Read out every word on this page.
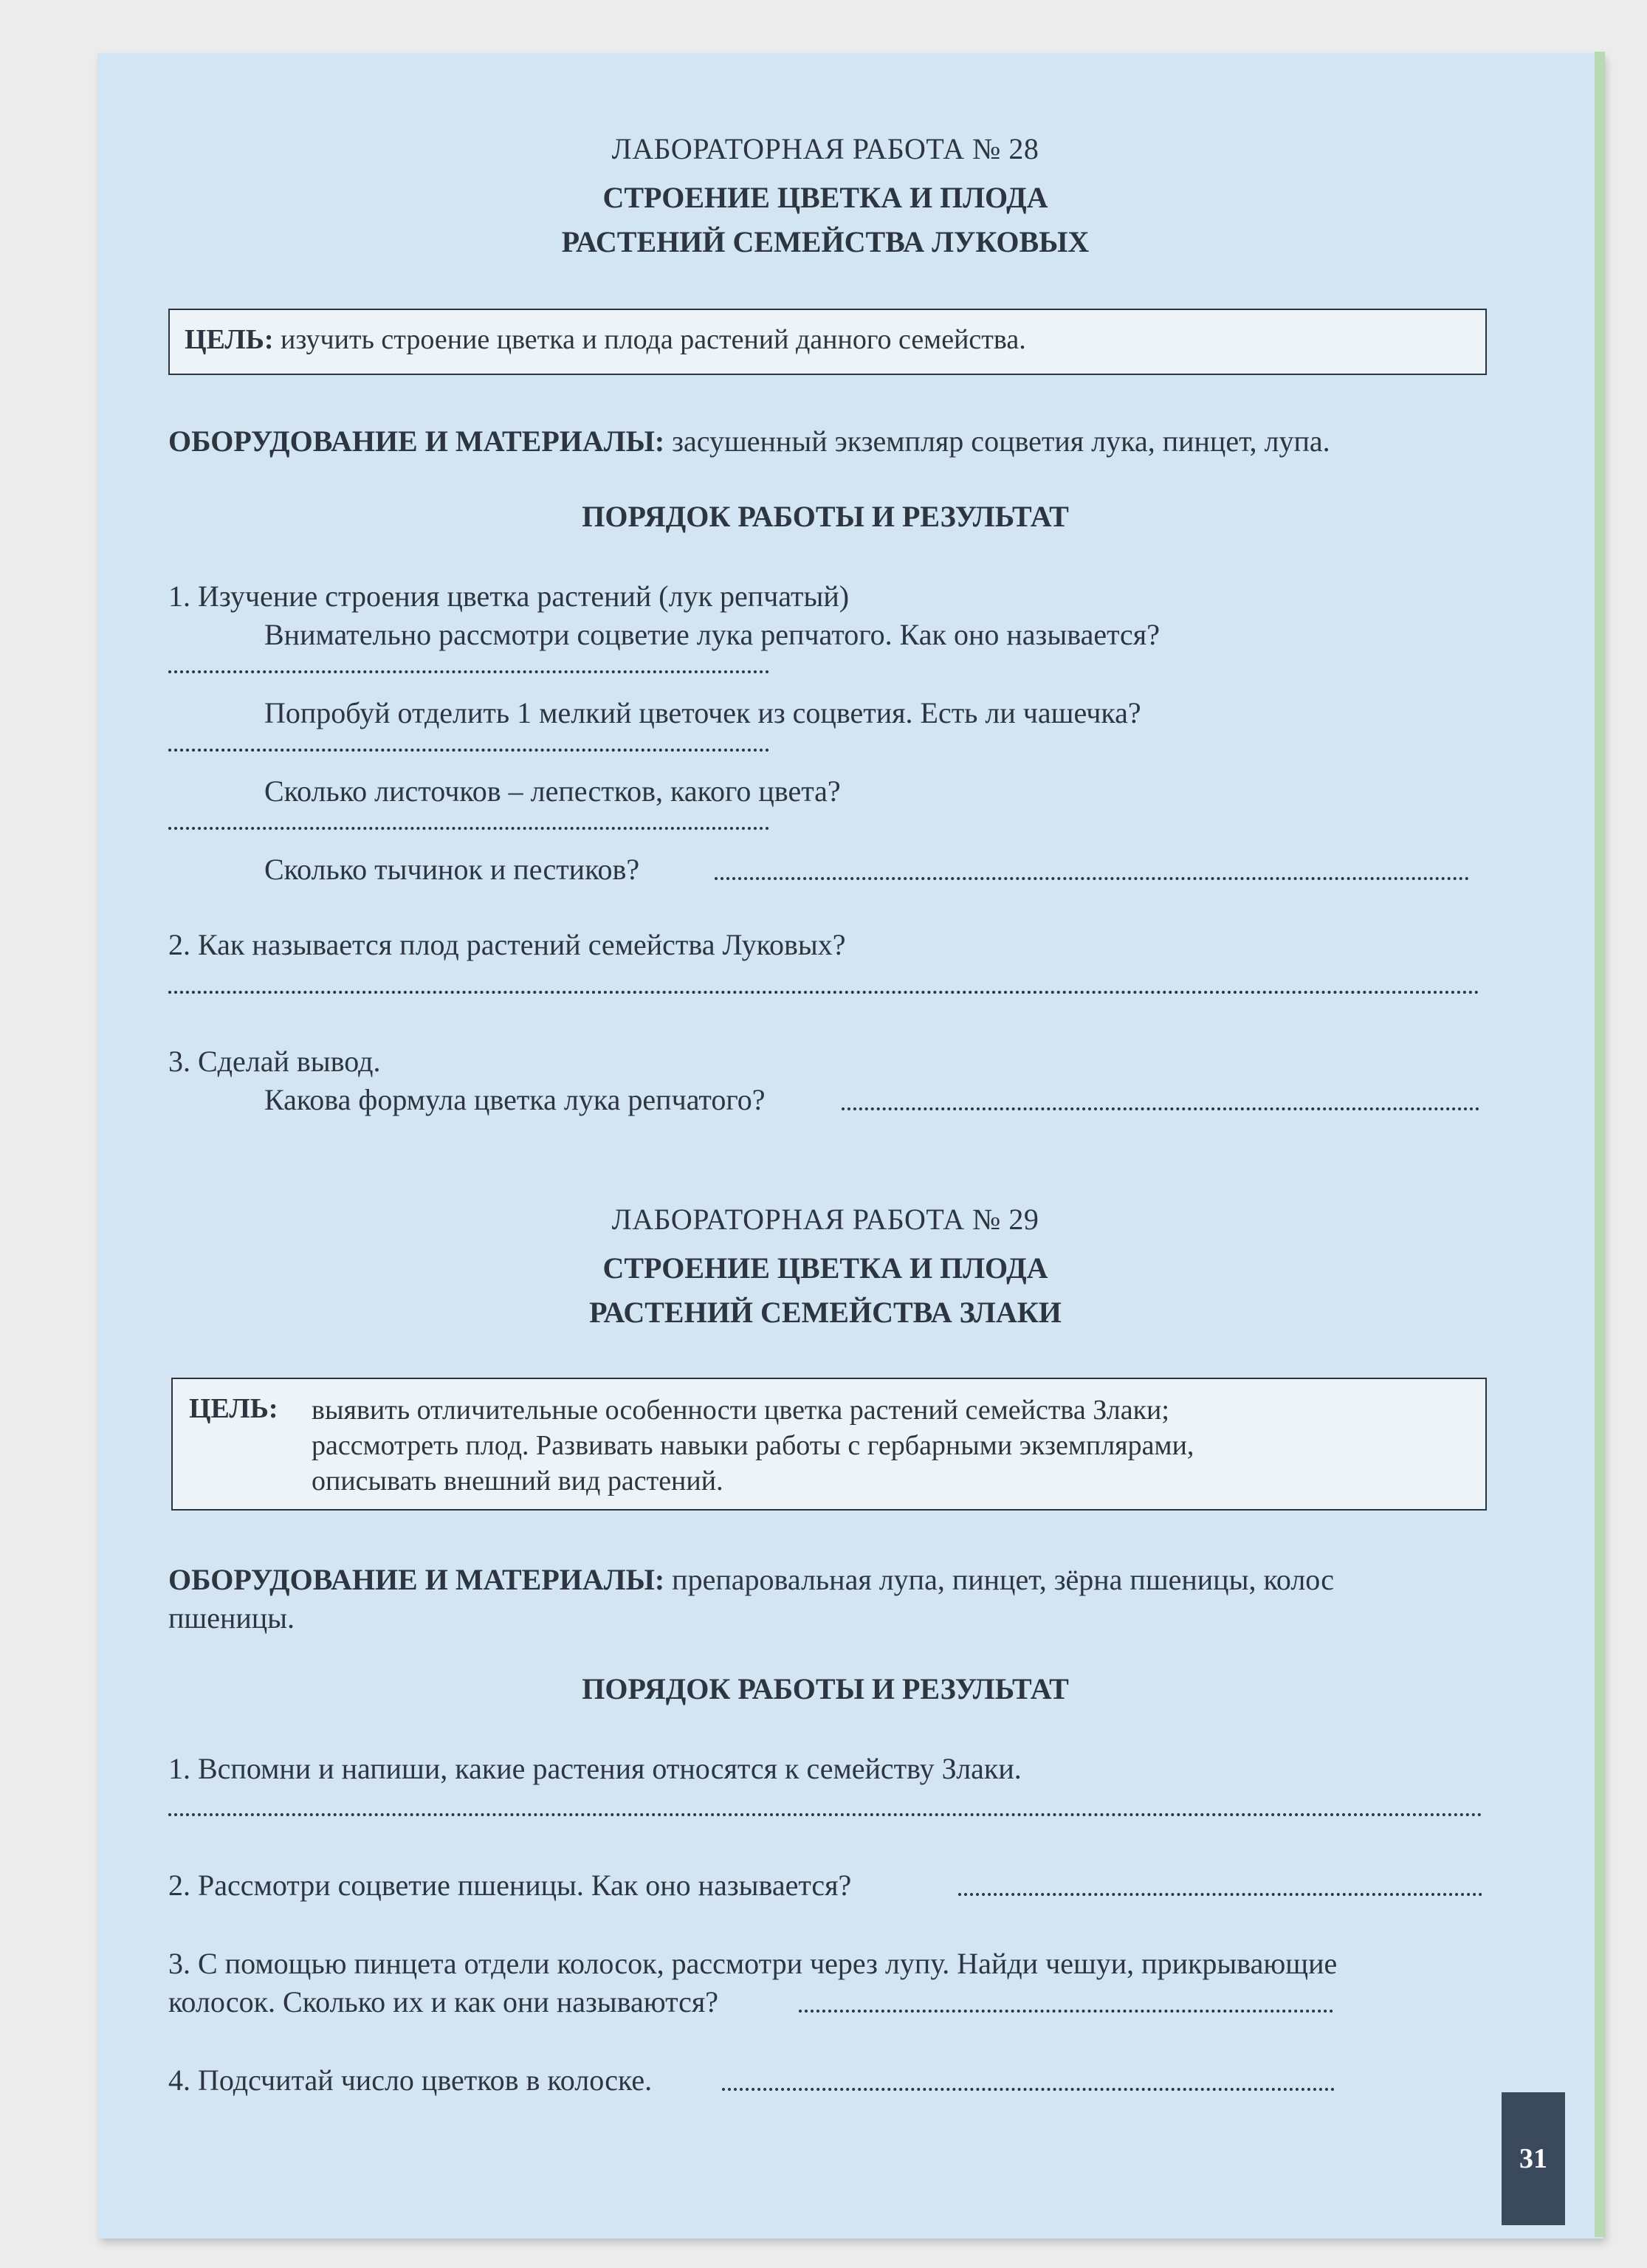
ЛАБОРАТОРНАЯ РАБОТА № 28
СТРОЕНИЕ ЦВЕТКА И ПЛОДА
РАСТЕНИЙ СЕМЕЙСТВА ЛУКОВЫХ
ЦЕЛЬ: изучить строение цветка и плода растений данного семейства.
ОБОРУДОВАНИЕ И МАТЕРИАЛЫ: засушенный экземпляр соцветия лука, пинцет, лупа.
ПОРЯДОК РАБОТЫ И РЕЗУЛЬТАТ
1. Изучение строения цветка растений (лук репчатый)
Внимательно рассмотри соцветие лука репчатого. Как оно называется?
Попробуй отделить 1 мелкий цветочек из соцветия. Есть ли чашечка?
Сколько листочков – лепестков, какого цвета?
Сколько тычинок и пестиков?
2. Как называется плод растений семейства Луковых?
3. Сделай вывод.
Какова формула цветка лука репчатого?
ЛАБОРАТОРНАЯ РАБОТА № 29
СТРОЕНИЕ ЦВЕТКА И ПЛОДА
РАСТЕНИЙ СЕМЕЙСТВА ЗЛАКИ
ЦЕЛЬ:	выявить отличительные особенности цветка растений семейства Злаки;
рассмотреть плод. Развивать навыки работы с гербарными экземплярами,
описывать внешний вид растений.
ОБОРУДОВАНИЕ И МАТЕРИАЛЫ: препаровальная лупа, пинцет, зёрна пшеницы, колос
пшеницы.
ПОРЯДОК РАБОТЫ И РЕЗУЛЬТАТ
1. Вспомни и напиши, какие растения относятся к семейству Злаки.
2. Рассмотри соцветие пшеницы. Как оно называется?
3. С помощью пинцета отдели колосок, рассмотри через лупу. Найди чешуи, прикрывающие
колосок. Сколько их и как они называются?
4. Подсчитай число цветков в колоске.
31
